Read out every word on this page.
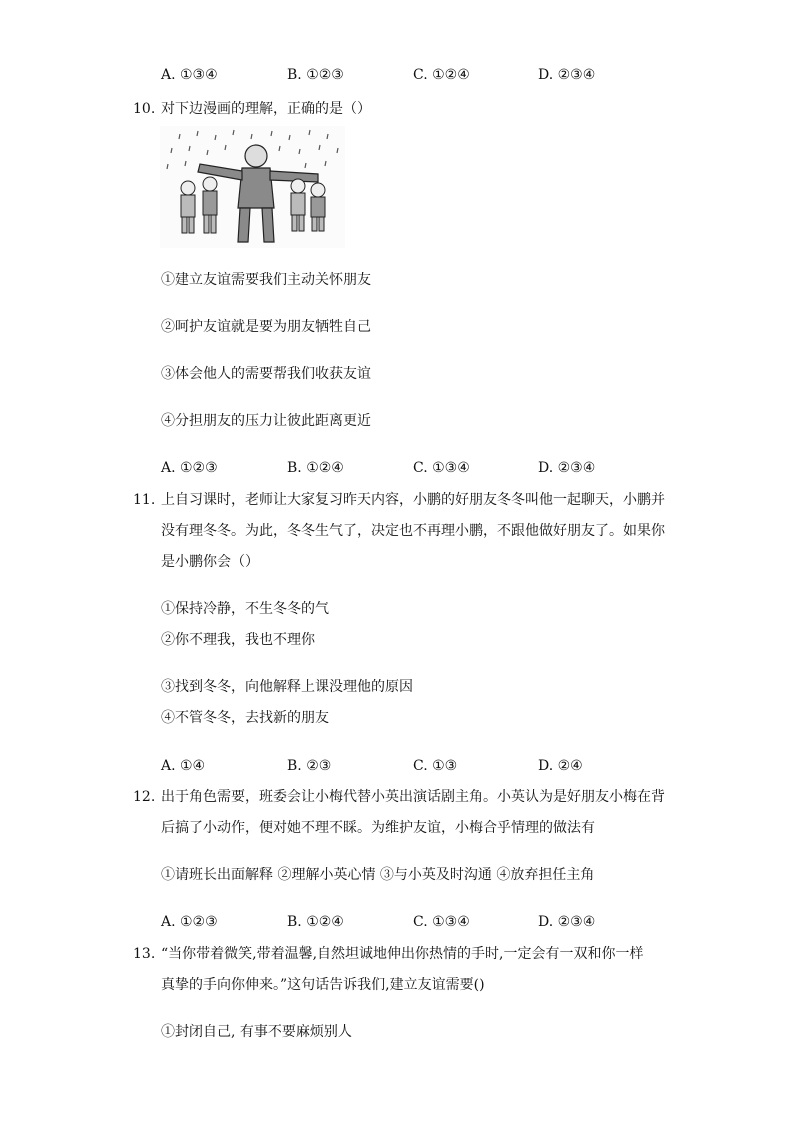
A. ①③④	B. ①②③	C. ①②④	D. ②③④
10. 对下边漫画的理解，正确的是（）
①建立友谊需要我们主动关怀朋友
②呵护友谊就是要为朋友牺牲自己
③体会他人的需要帮我们收获友谊
④分担朋友的压力让彼此距离更近
A. ①②③	B. ①②④	C. ①③④	D. ②③④
11. 上自习课时，老师让大家复习昨天内容，小鹏的好朋友冬冬叫他一起聊天，小鹏并
没有理冬冬。为此，冬冬生气了，决定也不再理小鹏，不跟他做好朋友了。如果你
是小鹏你会（）
①保持冷静，不生冬冬的气
②你不理我，我也不理你
③找到冬冬，向他解释上课没理他的原因
④不管冬冬，去找新的朋友
A. ①④	B. ②③	C. ①③	D. ②④
12. 出于角色需要，班委会让小梅代替小英出演话剧主角。小英认为是好朋友小梅在背
后搞了小动作，便对她不理不睬。为维护友谊，小梅合乎情理的做法有
①请班长出面解释 ②理解小英心情 ③与小英及时沟通 ④放弃担任主角
A. ①②③	B. ①②④	C. ①③④	D. ②③④
13. “当你带着微笑,带着温馨,自然坦诚地伸出你热情的手时,一定会有一双和你一样
真挚的手向你伸来。”这句话告诉我们,建立友谊需要()
①封闭自己, 有事不要麻烦别人
